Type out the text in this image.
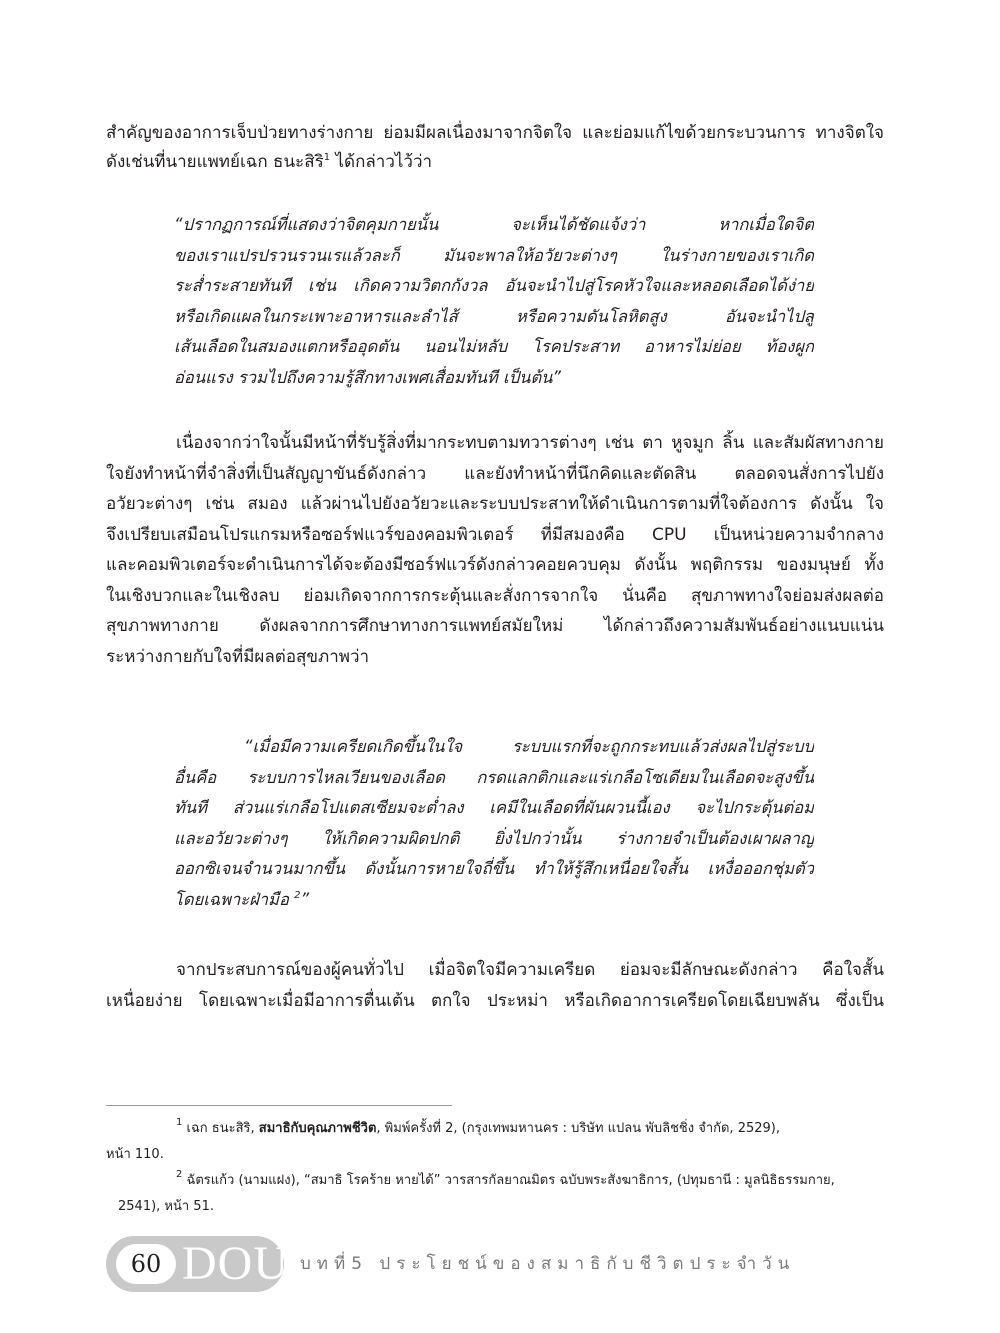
สำคัญของอาการเจ็บป่วยทางร่างกาย ย่อมมีผลเนื่องมาจากจิตใจ และย่อมแก้ไขด้วยกระบวนการ ทางจิตใจ
ดังเช่นที่นายแพทย์เฉก ธนะสิริ$^1$ ได้กล่าวไว้ว่า
“ปรากฏการณ์ที่แสดงว่าจิตคุมกายนั้น จะเห็นได้ชัดแจ้งว่า หากเมื่อใดจิต
ของเราแปรปรวนรวนเรแล้วละก็ มันจะพาลให้อวัยวะต่างๆ ในร่างกายของเราเกิด
ระส่ำระสายทันที เช่น เกิดความวิตกกังวล อันจะนำไปสู่โรคหัวใจและหลอดเลือดได้ง่าย
หรือเกิดแผลในกระเพาะอาหารและลำไส้ หรือความดันโลหิตสูง อันจะนำไปสู่
เส้นเลือดในสมองแตกหรืออุดตัน นอนไม่หลับ โรคประสาท อาหารไม่ย่อย ท้องผูก
อ่อนแรง รวมไปถึงความรู้สึกทางเพศเสื่อมทันที เป็นต้น”
เนื่องจากว่าใจนั้นมีหน้าที่รับรู้สิ่งที่มากระทบตามทวารต่างๆ เช่น ตา หูจมูก ลิ้น และสัมผัสทางกาย
ใจยังทำหน้าที่จำสิ่งที่เป็นสัญญาขันธ์ดังกล่าว และยังทำหน้าที่นึกคิดและตัดสิน ตลอดจนสั่งการไปยัง
อวัยวะต่างๆ เช่น สมอง แล้วผ่านไปยังอวัยวะและระบบประสาทให้ดำเนินการตามที่ใจต้องการ ดังนั้น ใจ
จึงเปรียบเสมือนโปรแกรมหรือซอร์ฟแวร์ของคอมพิวเตอร์ ที่มีสมองคือ CPU เป็นหน่วยความจำกลาง
และคอมพิวเตอร์จะดำเนินการได้จะต้องมีซอร์ฟแวร์ดังกล่าวคอยควบคุม ดังนั้น พฤติกรรม ของมนุษย์ ทั้ง
ในเชิงบวกและในเชิงลบ ย่อมเกิดจากการกระตุ้นและสั่งการจากใจ นั่นคือ สุขภาพทางใจย่อมส่งผลต่อ
สุขภาพทางกาย ดังผลจากการศึกษาทางการแพทย์สมัยใหม่ ได้กล่าวถึงความสัมพันธ์อย่างแนบแน่น
ระหว่างกายกับใจที่มีผลต่อสุขภาพว่า
“เมื่อมีความเครียดเกิดขึ้นในใจ ระบบแรกที่จะถูกกระทบแล้วส่งผลไปสู่ระบบ
อื่นคือ ระบบการไหลเวียนของเลือด กรดแลกติกและแร่เกลือโซเดียมในเลือดจะสูงขึ้น
ทันที ส่วนแร่เกลือโปแตสเซียมจะต่ำลง เคมีในเลือดที่ผันผวนนี้เอง จะไปกระตุ้นต่อม
และอวัยวะต่างๆ ให้เกิดความผิดปกติ ยิ่งไปกว่านั้น ร่างกายจำเป็นต้องเผาผลาญ
ออกซิเจนจำนวนมากขึ้น ดังนั้นการหายใจถี่ขึ้น ทำให้รู้สึกเหนื่อยใจสั้น เหงื่อออกชุ่มตัว
โดยเฉพาะฝ่ามือ $^2$”
จากประสบการณ์ของผู้คนทั่วไป เมื่อจิตใจมีความเครียด ย่อมจะมีลักษณะดังกล่าว คือใจสั้น
เหนื่อยง่าย โดยเฉพาะเมื่อมีอาการตื่นเต้น ตกใจ ประหม่า หรือเกิดอาการเครียดโดยเฉียบพลัน ซึ่งเป็น
$^1$ เฉก ธนะสิริ, สมาธิกับคุณภาพชีวิต, พิมพ์ครั้งที่ 2, (กรุงเทพมหานคร : บริษัท แปลน พับลิชชิ่ง จำกัด, 2529),
หน้า 110.
$^2$ ฉัตรแก้ว (นามแฝง), “สมาธิ โรคร้าย หายได้” วารสารกัลยาณมิตร ฉบับพระสังฆาธิการ, (ปทุมธานี : มูลนิธิธรรมกาย,
2541), หน้า 51.
60 DOU บทที่5 ประโยชน์ของสมาธิกับชีวิตประจำวัน
